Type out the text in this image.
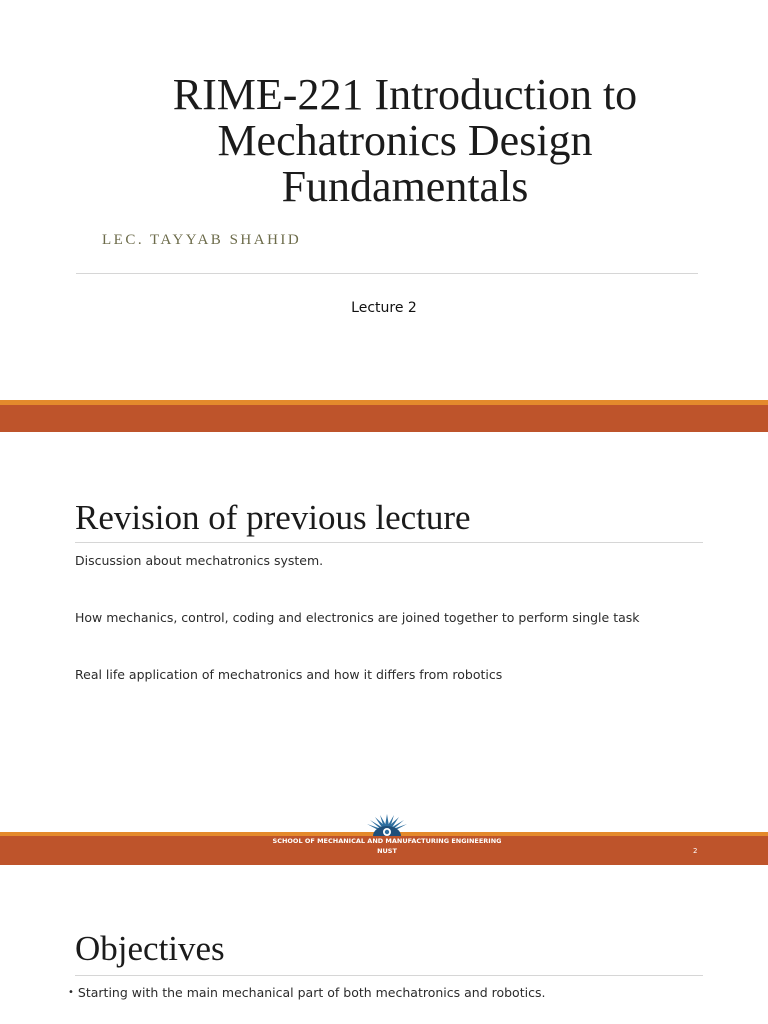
RIME-221 Introduction to
Mechatronics Design
Fundamentals
LEC. TAYYAB SHAHID
Lecture 2
Revision of previous lecture
Discussion about mechatronics system.
How mechanics, control, coding and electronics are joined together to perform single task
Real life application of mechatronics and how it differs from robotics
SCHOOL OF MECHANICAL AND MANUFACTURING ENGINEERING
NUST	2
Objectives
• Starting with the main mechanical part of both mechatronics and robotics.
